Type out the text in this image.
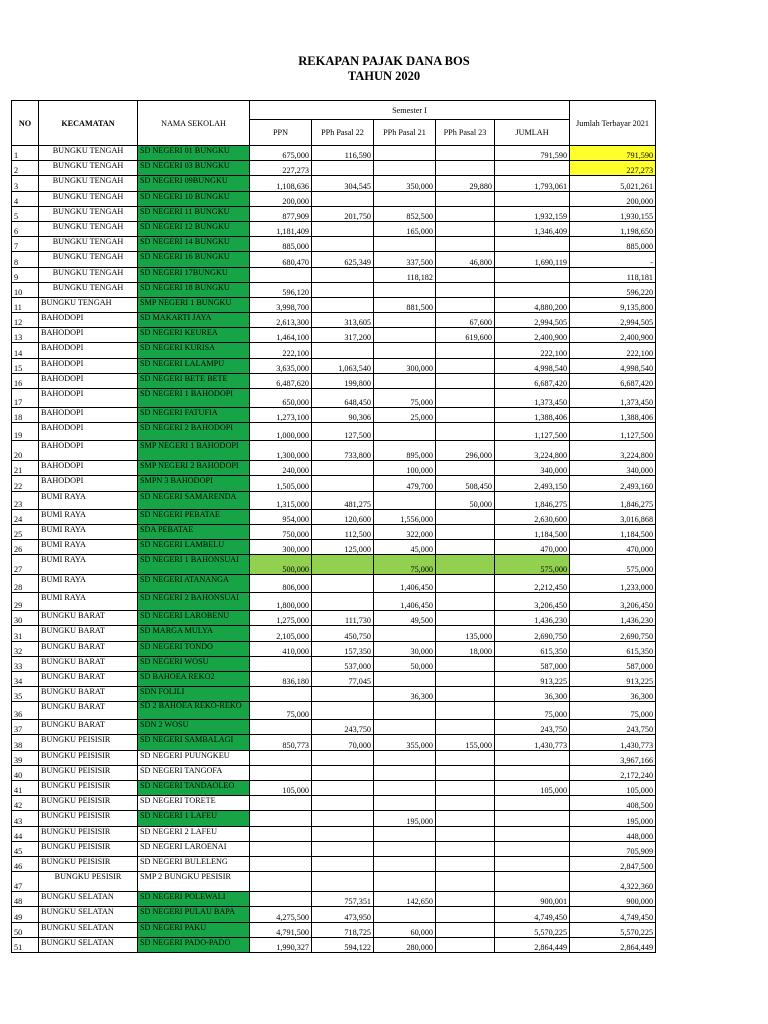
REKAPAN PAJAK DANA BOS
TAHUN 2020
NO	KECAMATAN	NAMA SEKOLAH	Semester I					Jumlah Terbayar 2021
			PPN	PPh Pasal 22	PPh Pasal 21	PPh Pasal 23	JUMLAH	
1	BUNGKU TENGAH	SD NEGERI 01 BUNGKU	675,000	116,590			791,590	791,590
2	BUNGKU TENGAH	SD NEGERI 03 BUNGKU	227,273					227,273
3	BUNGKU TENGAH	SD NEGERI 09BUNGKU	1,108,636	304,545	350,000	29,880	1,793,061	5,021,261
4	BUNGKU TENGAH	SD NEGERI 10 BUNGKU	200,000					200,000
5	BUNGKU TENGAH	SD NEGERI 11 BUNGKU	877,909	201,750	852,500		1,932,159	1,930,155
6	BUNGKU TENGAH	SD NEGERI 12 BUNGKU	1,181,409		165,000		1,346,409	1,198,650
7	BUNGKU TENGAH	SD NEGERI 14 BUNGKU	885,000					885,000
8	BUNGKU TENGAH	SD NEGERI 16 BUNGKU	680,470	625,349	337,500	46,800	1,690,119	-
9	BUNGKU TENGAH	SD NEGERI 17BUNGKU			118,182			118,181
10	BUNGKU TENGAH	SD NEGERI 18 BUNGKU	596,120					596,220
11	BUNGKU TENGAH	SMP NEGERI 1 BUNGKU	3,998,700		881,500		4,880,200	9,135,800
12	BAHODOPI	SD MAKARTI JAYA	2,613,300	313,605		67,600	2,994,505	2,994,505
13	BAHODOPI	SD NEGERI KEUREA	1,464,100	317,200		619,600	2,400,900	2,400,900
14	BAHODOPI	SD NEGERI KURISA	222,100				222,100	222,100
15	BAHODOPI	SD NEGERI LALAMPU	3,635,000	1,063,540	300,000		4,998,540	4,998,540
16	BAHODOPI	SD NEGERI BETE BETE	6,487,620	199,800			6,687,420	6,687,420
17	BAHODOPI	SD NEGERI 1 BAHODOPI	650,000	648,450	75,000		1,373,450	1,373,450
18	BAHODOPI	SD NEGERI FATUFIA	1,273,100	90,306	25,000		1,388,406	1,388,406
19	BAHODOPI	SD NEGERI 2 BAHODOPI	1,000,000	127,500			1,127,500	1,127,500
20	BAHODOPI	SMP NEGERI 1 BAHODOPI	1,300,000	733,800	895,000	296,000	3,224,800	3,224,800
21	BAHODOPI	SMP NEGERI 2 BAHODOPI	240,000		100,000		340,000	340,000
22	BAHODOPI	SMPN 3 BAHODOPI	1,505,000		479,700	508,450	2,493,150	2,493,160
23	BUMI RAYA	SD NEGERI SAMARENDA	1,315,000	481,275		50,000	1,846,275	1,846,275
24	BUMI RAYA	SD NEGERI PEBATAE	954,000	120,600	1,556,000		2,630,600	3,016,868
25	BUMI RAYA	SDA PEBATAE	750,000	112,500	322,000		1,184,500	1,184,500
26	BUMI RAYA	SD NEGERI LAMBELU	300,000	125,000	45,000		470,000	470,000
27	BUMI RAYA	SD NEGERI 1 BAHONSUAI	500,000		75,000		575,000	575,000
28	BUMI RAYA	SD NEGERI ATANANGA	806,000		1,406,450		2,212,450	1,233,000
29	BUMI RAYA	SD NEGERI 2 BAHONSUAI	1,800,000		1,406,450		3,206,450	3,206,450
30	BUNGKU BARAT	SD NEGERI LAROBENU	1,275,000	111,730	49,500		1,436,230	1,436,230
31	BUNGKU BARAT	SD MARGA MULYA	2,105,000	450,750		135,000	2,690,750	2,690,750
32	BUNGKU BARAT	SD NEGERI TONDO	410,000	157,350	30,000	18,000	615,350	615,350
33	BUNGKU BARAT	SD NEGERI WOSU		537,000	50,000		587,000	587,000
34	BUNGKU BARAT	SD BAHOEA REKO2	836,180	77,045			913,225	913,225
35	BUNGKU BARAT	SDN FOLILI			36,300		36,300	36,300
36	BUNGKU BARAT	SD 2 BAHOEA REKO-REKO	75,000				75,000	75,000
37	BUNGKU BARAT	SDN 2 WOSU		243,750			243,750	243,750
38	BUNGKU PEISISIR	SD NEGERI SAMBALAGI	850,773	70,000	355,000	155,000	1,430,773	1,430,773
39	BUNGKU PEISISIR	SD NEGERI PUUNGKEU						3,967,166
40	BUNGKU PEISISIR	SD NEGERI TANGOFA						2,172,240
41	BUNGKU PEISISIR	SD NEGERI TANDAOLEO	105,000				105,000	105,000
42	BUNGKU PEISISIR	SD NEGERI TORETE						408,500
43	BUNGKU PEISISIR	SD NEGERI 1 LAFEU			195,000			195,000
44	BUNGKU PEISISIR	SD NEGERI 2 LAFEU						448,000
45	BUNGKU PEISISIR	SD NEGERI LAROENAI						705,909
46	BUNGKU PEISISIR	SD NEGERI BULELENG						2,847,500
47	BUNGKU PESISIR	SMP 2 BUNGKU PESISIR						4,322,360
48	BUNGKU SELATAN	SD NEGERI POLEWALI		757,351	142,650		900,001	900,000
49	BUNGKU SELATAN	SD NEGERI PULAU BAPA	4,275,500	473,950			4,749,450	4,749,450
50	BUNGKU SELATAN	SD NEGERI PAKU	4,791,500	718,725	60,000		5,570,225	5,570,225
51	BUNGKU SELATAN	SD NEGERI PADO-PADO	1,990,327	594,122	280,000		2,864,449	2,864,449
